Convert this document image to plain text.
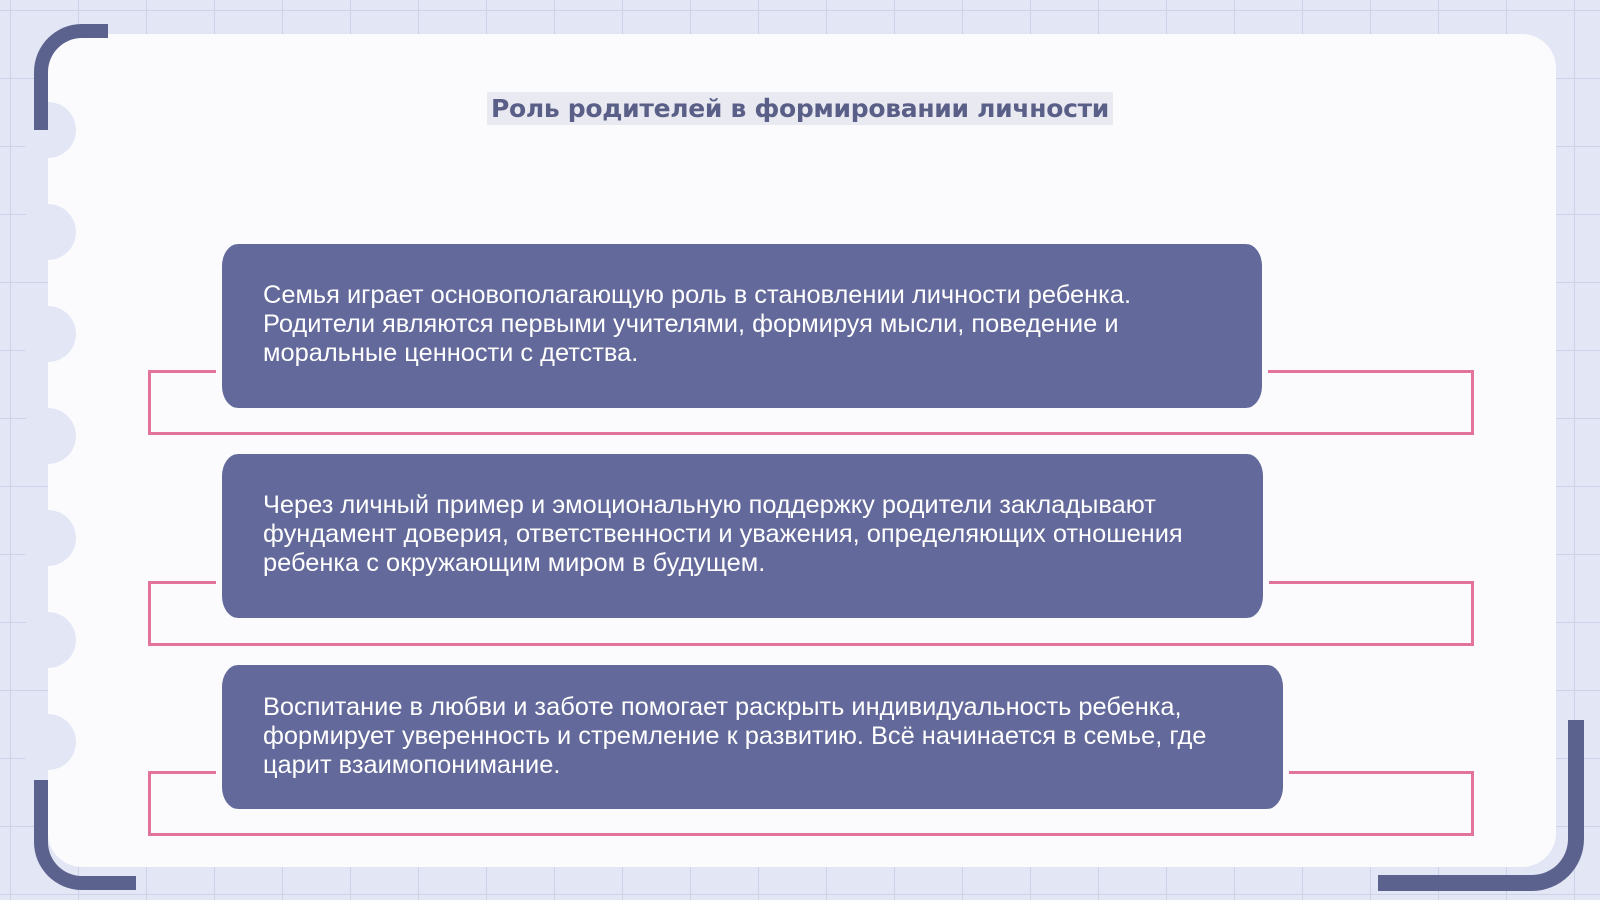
Роль родителей в формировании личности

Семья играет основополагающую роль в становлении личности ребенка. Родители являются первыми учителями, формируя мысли, поведение и моральные ценности с детства.

Через личный пример и эмоциональную поддержку родители закладывают фундамент доверия, ответственности и уважения, определяющих отношения ребенка с окружающим миром в будущем.

Воспитание в любви и заботе помогает раскрыть индивидуальность ребенка, формирует уверенность и стремление к развитию. Всё начинается в семье, где царит взаимопонимание.
